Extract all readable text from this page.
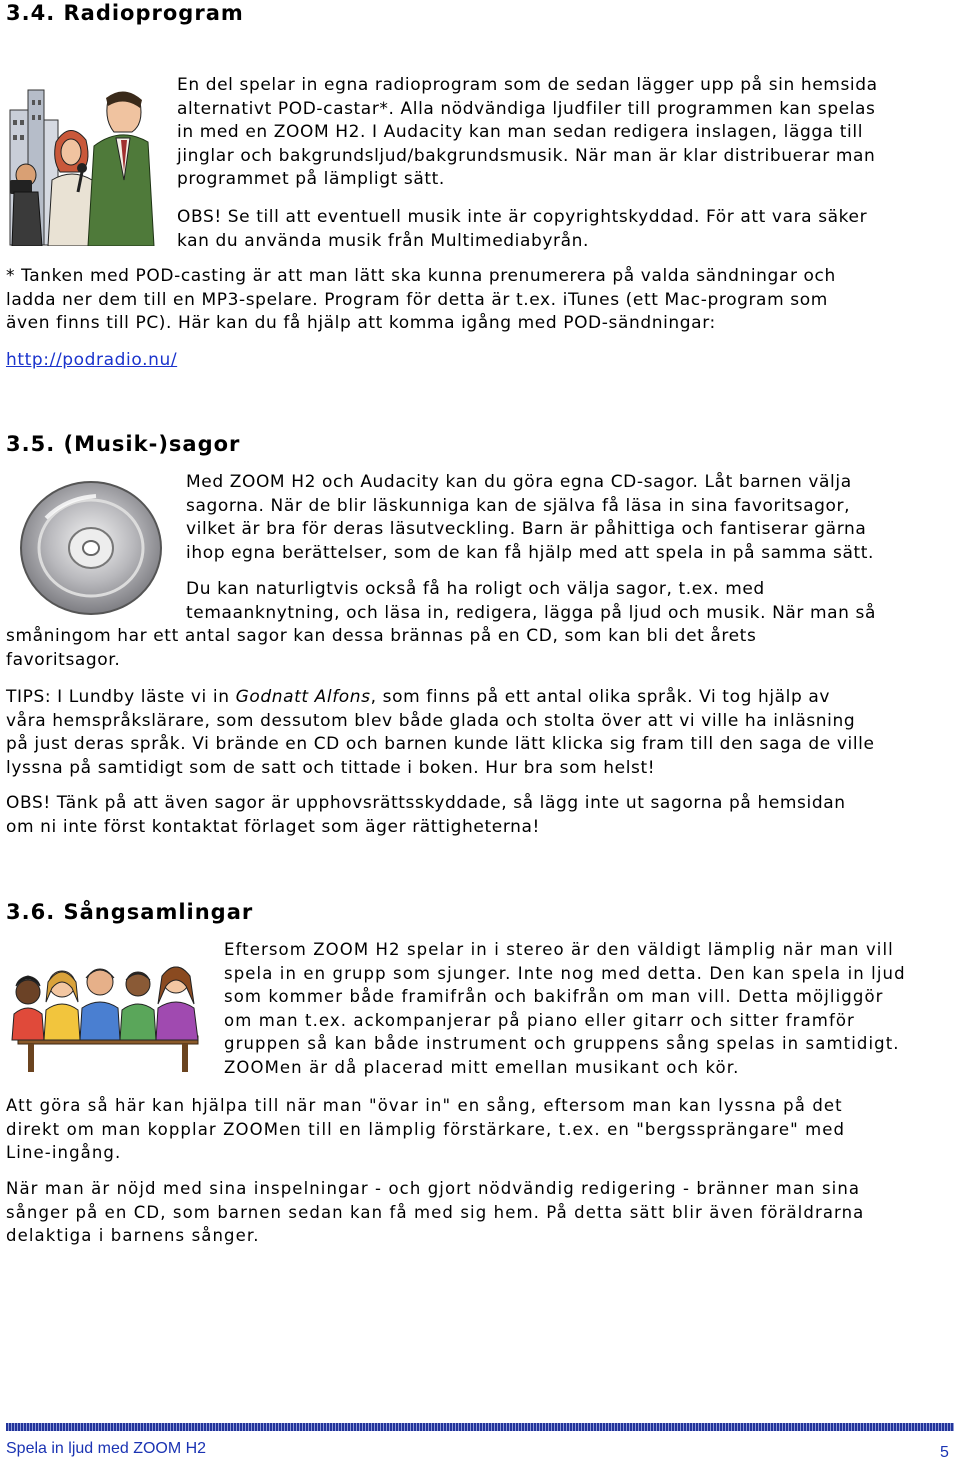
3.4. Radioprogram
En del spelar in egna radioprogram som de sedan lägger upp på sin hemsida
alternativt POD-castar*. Alla nödvändiga ljudfiler till programmen kan spelas
in med en ZOOM H2. I Audacity kan man sedan redigera inslagen, lägga till
jinglar och bakgrundsljud/bakgrundsmusik. När man är klar distribuerar man
programmet på lämpligt sätt.
OBS! Se till att eventuell musik inte är copyrightskyddad. För att vara säker
kan du använda musik från Multimediabyrån.
* Tanken med POD-casting är att man lätt ska kunna prenumerera på valda sändningar och
ladda ner dem till en MP3-spelare. Program för detta är t.ex. iTunes (ett Mac-program som
även finns till PC). Här kan du få hjälp att komma igång med POD-sändningar:
http://podradio.nu/
3.5. (Musik-)sagor
Med ZOOM H2 och Audacity kan du göra egna CD-sagor. Låt barnen välja
sagorna. När de blir läskunniga kan de själva få läsa in sina favoritsagor,
vilket är bra för deras läsutveckling. Barn är påhittiga och fantiserar gärna
ihop egna berättelser, som de kan få hjälp med att spela in på samma sätt.
Du kan naturligtvis också få ha roligt och välja sagor, t.ex. med
temaanknytning, och läsa in, redigera, lägga på ljud och musik. När man så
småningom har ett antal sagor kan dessa brännas på en CD, som kan bli det årets
favoritsagor.
TIPS: I Lundby läste vi in Godnatt Alfons, som finns på ett antal olika språk. Vi tog hjälp av
våra hemspråkslärare, som dessutom blev både glada och stolta över att vi ville ha inläsning
på just deras språk. Vi brände en CD och barnen kunde lätt klicka sig fram till den saga de ville
lyssna på samtidigt som de satt och tittade i boken. Hur bra som helst!
OBS! Tänk på att även sagor är upphovsrättsskyddade, så lägg inte ut sagorna på hemsidan
om ni inte först kontaktat förlaget som äger rättigheterna!
3.6. Sångsamlingar
Eftersom ZOOM H2 spelar in i stereo är den väldigt lämplig när man vill
spela in en grupp som sjunger. Inte nog med detta. Den kan spela in ljud
som kommer både framifrån och bakifrån om man vill. Detta möjliggör
om man t.ex. ackompanjerar på piano eller gitarr och sitter framför
gruppen så kan både instrument och gruppens sång spelas in samtidigt.
ZOOMen är då placerad mitt emellan musikant och kör.
Att göra så här kan hjälpa till när man "övar in" en sång, eftersom man kan lyssna på det
direkt om man kopplar ZOOMen till en lämplig förstärkare, t.ex. en "bergssprängare" med
Line-ingång.
När man är nöjd med sina inspelningar - och gjort nödvändig redigering - bränner man sina
sånger på en CD, som barnen sedan kan få med sig hem. På detta sätt blir även föräldrarna
delaktiga i barnens sånger.
Spela in ljud med ZOOM H2	5
